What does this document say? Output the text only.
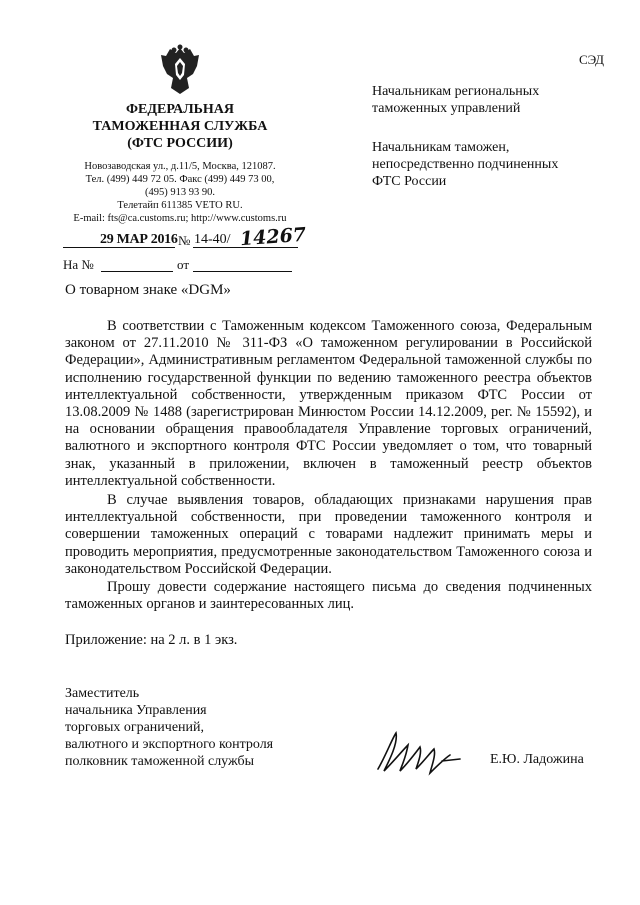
ФЕДЕРАЛЬНАЯ
ТАМОЖЕННАЯ СЛУЖБА
(ФТС РОССИИ)
Новозаводская ул., д.11/5, Москва, 121087.
Тел. (499) 449 72 05. Факс (499) 449 73 00,
(495) 913 93 90.
Телетайп 611385 VETO RU.
E-mail: fts@ca.customs.ru; http://www.customs.ru
СЭД
Начальникам региональных
таможенных управлений
Начальникам таможен,
непосредственно подчиненных
ФТС России
29 МАР 2016 № 14-40/ 14267
На №	от
О товарном знаке «DGM»
В соответствии с Таможенным кодексом Таможенного союза, Федеральным законом от 27.11.2010 № 311-ФЗ «О таможенном регулировании в Российской Федерации», Административным регламентом Федеральной таможенной службы по исполнению государственной функции по ведению таможенного реестра объектов интеллектуальной собственности, утвержденным приказом ФТС России от 13.08.2009 № 1488 (зарегистрирован Минюстом России 14.12.2009, рег. № 15592), и на основании обращения правообладателя Управление торговых ограничений, валютного и экспортного контроля ФТС России уведомляет о том, что товарный знак, указанный в приложении, включен в таможенный реестр объектов интеллектуальной собственности.
В случае выявления товаров, обладающих признаками нарушения прав интеллектуальной собственности, при проведении таможенного контроля и совершении таможенных операций с товарами надлежит принимать меры и проводить мероприятия, предусмотренные законодательством Таможенного союза и законодательством Российской Федерации.
Прошу довести содержание настоящего письма до сведения подчиненных таможенных органов и заинтересованных лиц.
Приложение: на 2 л. в 1 экз.
Заместитель
начальника Управления
торговых ограничений,
валютного и экспортного контроля
полковник таможенной службы	Е.Ю. Ладожина
